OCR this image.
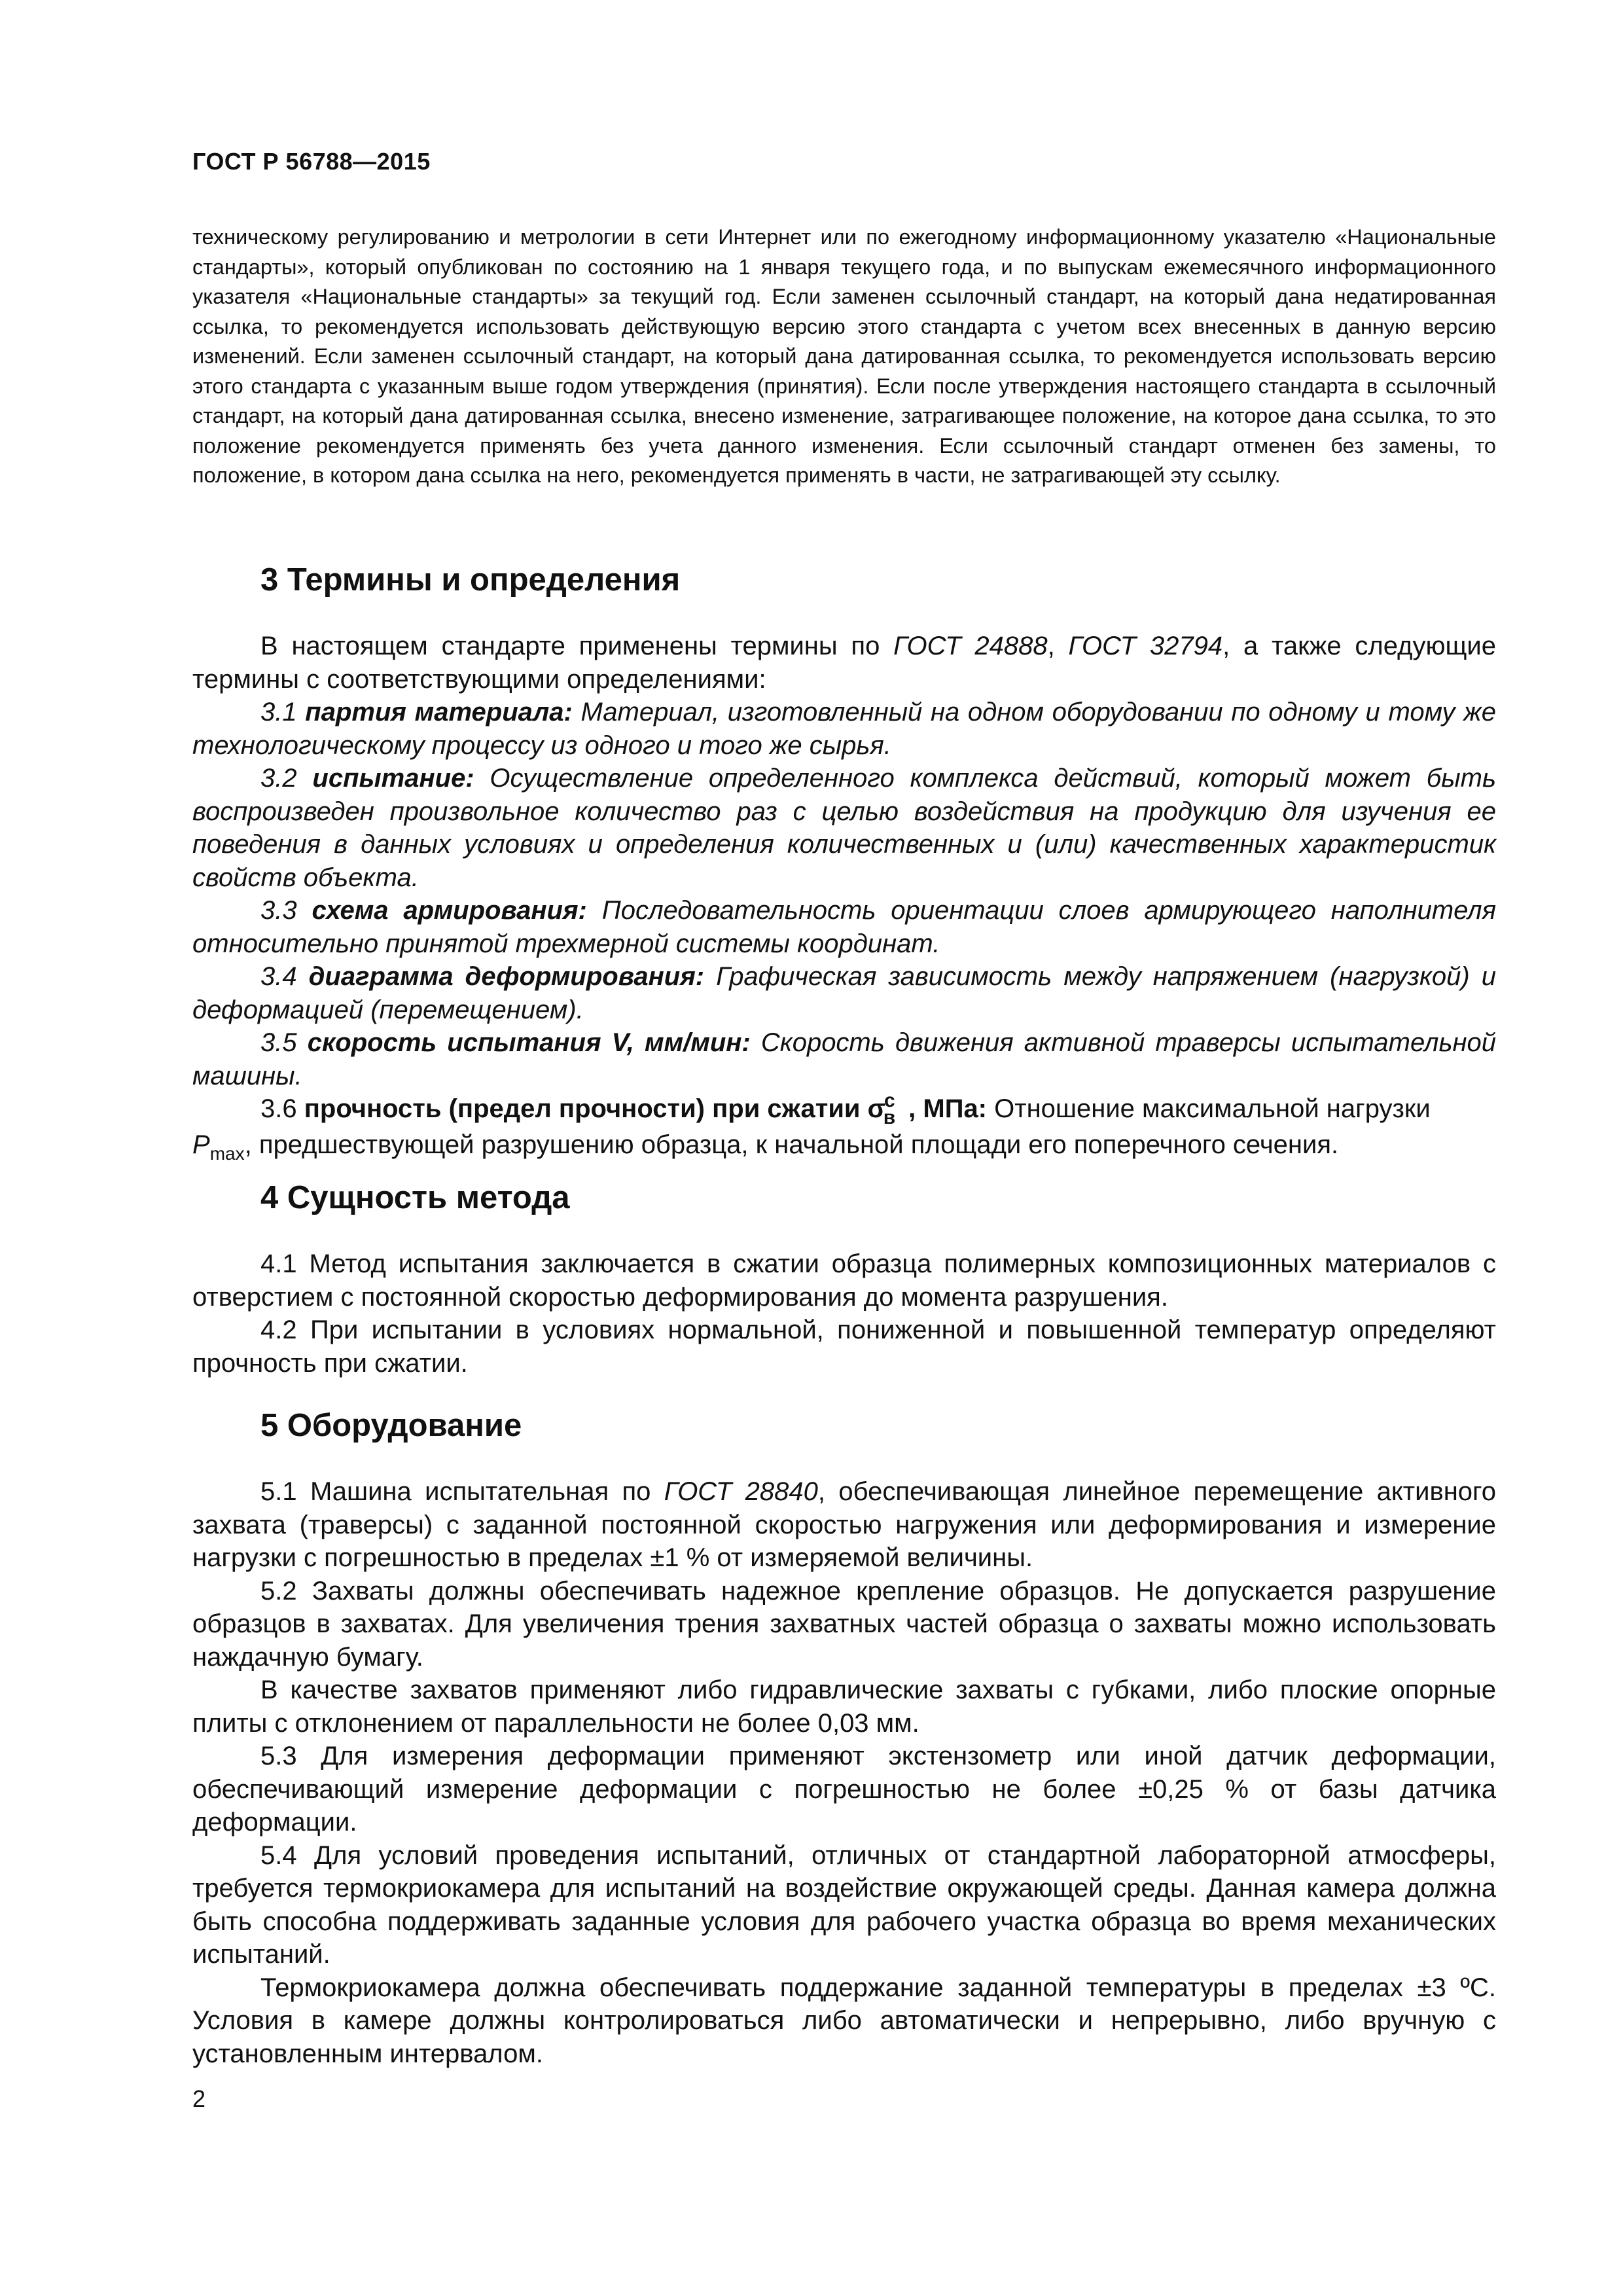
ГОСТ Р 56788—2015

техническому регулированию и метрологии в сети Интернет или по ежегодному информационному указателю «Национальные стандарты», который опубликован по состоянию на 1 января текущего года, и по выпускам ежемесячного информационного указателя «Национальные стандарты» за текущий год. Если заменен ссылочный стандарт, на который дана недатированная ссылка, то рекомендуется использовать действующую версию этого стандарта с учетом всех внесенных в данную версию изменений. Если заменен ссылочный стандарт, на который дана датированная ссылка, то рекомендуется использовать версию этого стандарта с указанным выше годом утверждения (принятия). Если после утверждения настоящего стандарта в ссылочный стандарт, на который дана датированная ссылка, внесено изменение, затрагивающее положение, на которое дана ссылка, то это положение рекомендуется применять без учета данного изменения. Если ссылочный стандарт отменен без замены, то положение, в котором дана ссылка на него, рекомендуется применять в части, не затрагивающей эту ссылку.

3 Термины и определения

В настоящем стандарте применены термины по ГОСТ 24888, ГОСТ 32794, а также следующие термины с соответствующими определениями:

3.1 партия материала: Материал, изготовленный на одном оборудовании по одному и тому же технологическому процессу из одного и того же сырья.

3.2 испытание: Осуществление определенного комплекса действий, который может быть воспроизведен произвольное количество раз с целью воздействия на продукцию для изучения ее поведения в данных условиях и определения количественных и (или) качественных характеристик свойств объекта.

3.3 схема армирования: Последовательность ориентации слоев армирующего наполнителя относительно принятой трехмерной системы координат.

3.4 диаграмма деформирования: Графическая зависимость между напряжением (нагрузкой) и деформацией (перемещением).

3.5 скорость испытания V, мм/мин: Скорость движения активной траверсы испытательной машины.

3.6 прочность (предел прочности) при сжатии $\sigma^с_в$ , МПа: Отношение максимальной нагрузки
$P_{max}$, предшествующей разрушению образца, к начальной площади его поперечного сечения.

4 Сущность метода

4.1 Метод испытания заключается в сжатии образца полимерных композиционных материалов с отверстием с постоянной скоростью деформирования до момента разрушения.

4.2 При испытании в условиях нормальной, пониженной и повышенной температур определяют прочность при сжатии.

5 Оборудование

5.1 Машина испытательная по ГОСТ 28840, обеспечивающая линейное перемещение активного захвата (траверсы) с заданной постоянной скоростью нагружения или деформирования и измерение нагрузки с погрешностью в пределах ±1 % от измеряемой величины.

5.2 Захваты должны обеспечивать надежное крепление образцов. Не допускается разрушение образцов в захватах. Для увеличения трения захватных частей образца о захваты можно использовать наждачную бумагу.

В качестве захватов применяют либо гидравлические захваты с губками, либо плоские опорные плиты с отклонением от параллельности не более 0,03 мм.

5.3 Для измерения деформации применяют экстензометр или иной датчик деформации, обеспечивающий измерение деформации с погрешностью не более ±0,25 % от базы датчика деформации.

5.4 Для условий проведения испытаний, отличных от стандартной лабораторной атмосферы, требуется термокриокамера для испытаний на воздействие окружающей среды. Данная камера должна быть способна поддерживать заданные условия для рабочего участка образца во время механических испытаний.

Термокриокамера должна обеспечивать поддержание заданной температуры в пределах ±3 ºС. Условия в камере должны контролироваться либо автоматически и непрерывно, либо вручную с установленным интервалом.

2
